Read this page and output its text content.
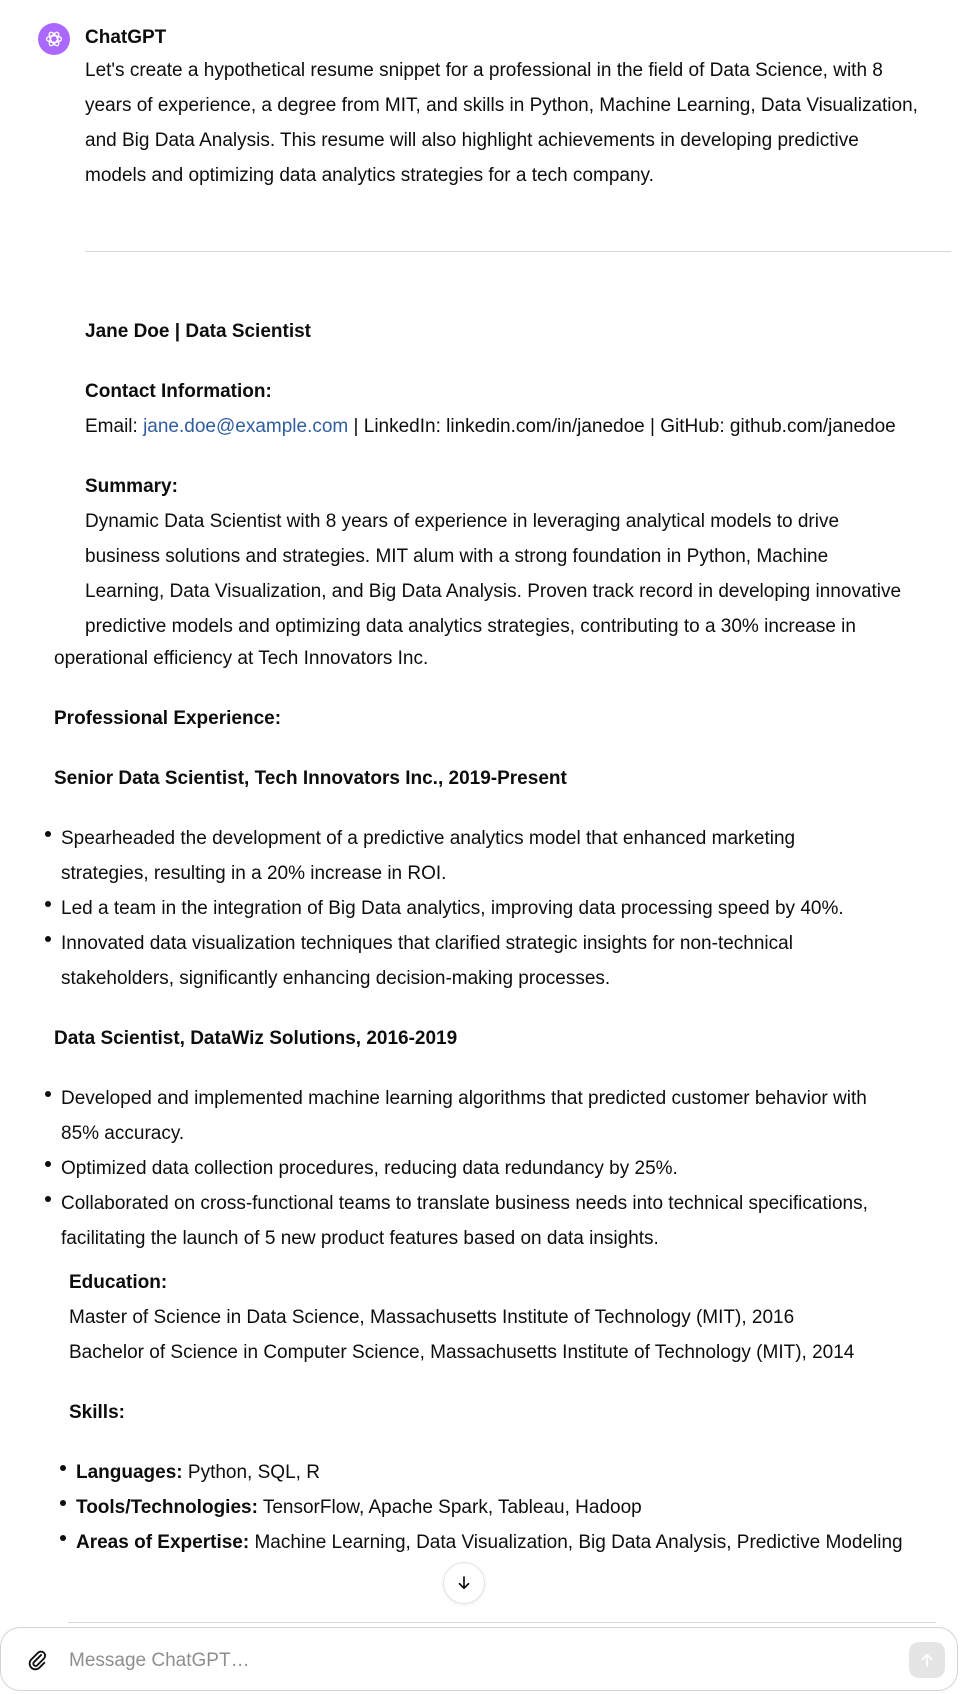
ChatGPT
Let's create a hypothetical resume snippet for a professional in the field of Data Science, with 8
years of experience, a degree from MIT, and skills in Python, Machine Learning, Data Visualization,
and Big Data Analysis. This resume will also highlight achievements in developing predictive
models and optimizing data analytics strategies for a tech company.
Jane Doe | Data Scientist
Contact Information:
Email: jane.doe@example.com | LinkedIn: linkedin.com/in/janedoe | GitHub: github.com/janedoe
Summary:
Dynamic Data Scientist with 8 years of experience in leveraging analytical models to drive
business solutions and strategies. MIT alum with a strong foundation in Python, Machine
Learning, Data Visualization, and Big Data Analysis. Proven track record in developing innovative
predictive models and optimizing data analytics strategies, contributing to a 30% increase in
operational efficiency at Tech Innovators Inc.
Professional Experience:
Senior Data Scientist, Tech Innovators Inc., 2019-Present
Spearheaded the development of a predictive analytics model that enhanced marketing
strategies, resulting in a 20% increase in ROI.
Led a team in the integration of Big Data analytics, improving data processing speed by 40%.
Innovated data visualization techniques that clarified strategic insights for non-technical
stakeholders, significantly enhancing decision-making processes.
Data Scientist, DataWiz Solutions, 2016-2019
Developed and implemented machine learning algorithms that predicted customer behavior with
85% accuracy.
Optimized data collection procedures, reducing data redundancy by 25%.
Collaborated on cross-functional teams to translate business needs into technical specifications,
facilitating the launch of 5 new product features based on data insights.
Education:
Master of Science in Data Science, Massachusetts Institute of Technology (MIT), 2016
Bachelor of Science in Computer Science, Massachusetts Institute of Technology (MIT), 2014
Skills:
Languages: Python, SQL, R
Tools/Technologies: TensorFlow, Apache Spark, Tableau, Hadoop
Areas of Expertise: Machine Learning, Data Visualization, Big Data Analysis, Predictive Modeling
Message ChatGPT…
